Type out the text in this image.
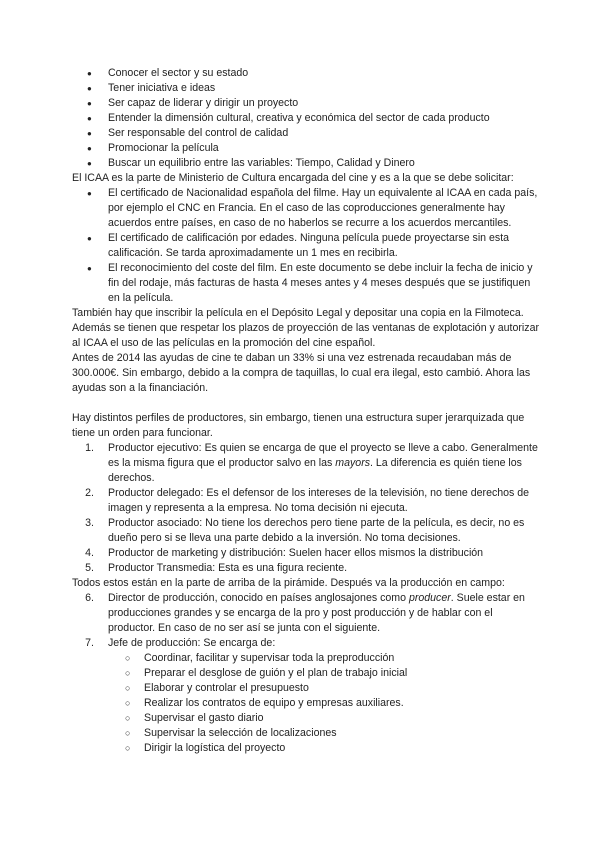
● Conocer el sector y su estado
● Tener iniciativa e ideas
● Ser capaz de liderar y dirigir un proyecto
● Entender la dimensión cultural, creativa y económica del sector de cada producto
● Ser responsable del control de calidad
● Promocionar la película
● Buscar un equilibrio entre las variables: Tiempo, Calidad y Dinero

El ICAA es la parte de Ministerio de Cultura encargada del cine y es a la que se debe solicitar:

● El certificado de Nacionalidad española del filme. Hay un equivalente al ICAA en cada país, por ejemplo el CNC en Francia. En el caso de las coproducciones generalmente hay acuerdos entre países, en caso de no haberlos se recurre a los acuerdos mercantiles.
● El certificado de calificación por edades. Ninguna película puede proyectarse sin esta calificación. Se tarda aproximadamente un 1 mes en recibirla.
● El reconocimiento del coste del film. En este documento se debe incluir la fecha de inicio y fin del rodaje, más facturas de hasta 4 meses antes y 4 meses después que se justifiquen en la película.

También hay que inscribir la película en el Depósito Legal y depositar una copia en la Filmoteca. Además se tienen que respetar los plazos de proyección de las ventanas de explotación y autorizar al ICAA el uso de las películas en la promoción del cine español.

Antes de 2014 las ayudas de cine te daban un 33% si una vez estrenada recaudaban más de 300.000€. Sin embargo, debido a la compra de taquillas, lo cual era ilegal, esto cambió. Ahora las ayudas son a la financiación.

Hay distintos perfiles de productores, sin embargo, tienen una estructura super jerarquizada que tiene un orden para funcionar.

1. Productor ejecutivo: Es quien se encarga de que el proyecto se lleve a cabo. Generalmente es la misma figura que el productor salvo en las mayors. La diferencia es quién tiene los derechos.
2. Productor delegado: Es el defensor de los intereses de la televisión, no tiene derechos de imagen y representa a la empresa. No toma decisión ni ejecuta.
3. Productor asociado: No tiene los derechos pero tiene parte de la película, es decir, no es dueño pero si se lleva una parte debido a la inversión. No toma decisiones.
4. Productor de marketing y distribución: Suelen hacer ellos mismos la distribución
5. Productor Transmedia: Esta es una figura reciente.

Todos estos están en la parte de arriba de la pirámide. Después va la producción en campo:

6. Director de producción, conocido en países anglosajones como producer. Suele estar en producciones grandes y se encarga de la pro y post producción y de hablar con el productor. En caso de no ser así se junta con el siguiente.
7. Jefe de producción: Se encarga de:
○ Coordinar, facilitar y supervisar toda la preproducción
○ Preparar el desglose de guión y el plan de trabajo inicial
○ Elaborar y controlar el presupuesto
○ Realizar los contratos de equipo y empresas auxiliares.
○ Supervisar el gasto diario
○ Supervisar la selección de localizaciones
○ Dirigir la logística del proyecto
